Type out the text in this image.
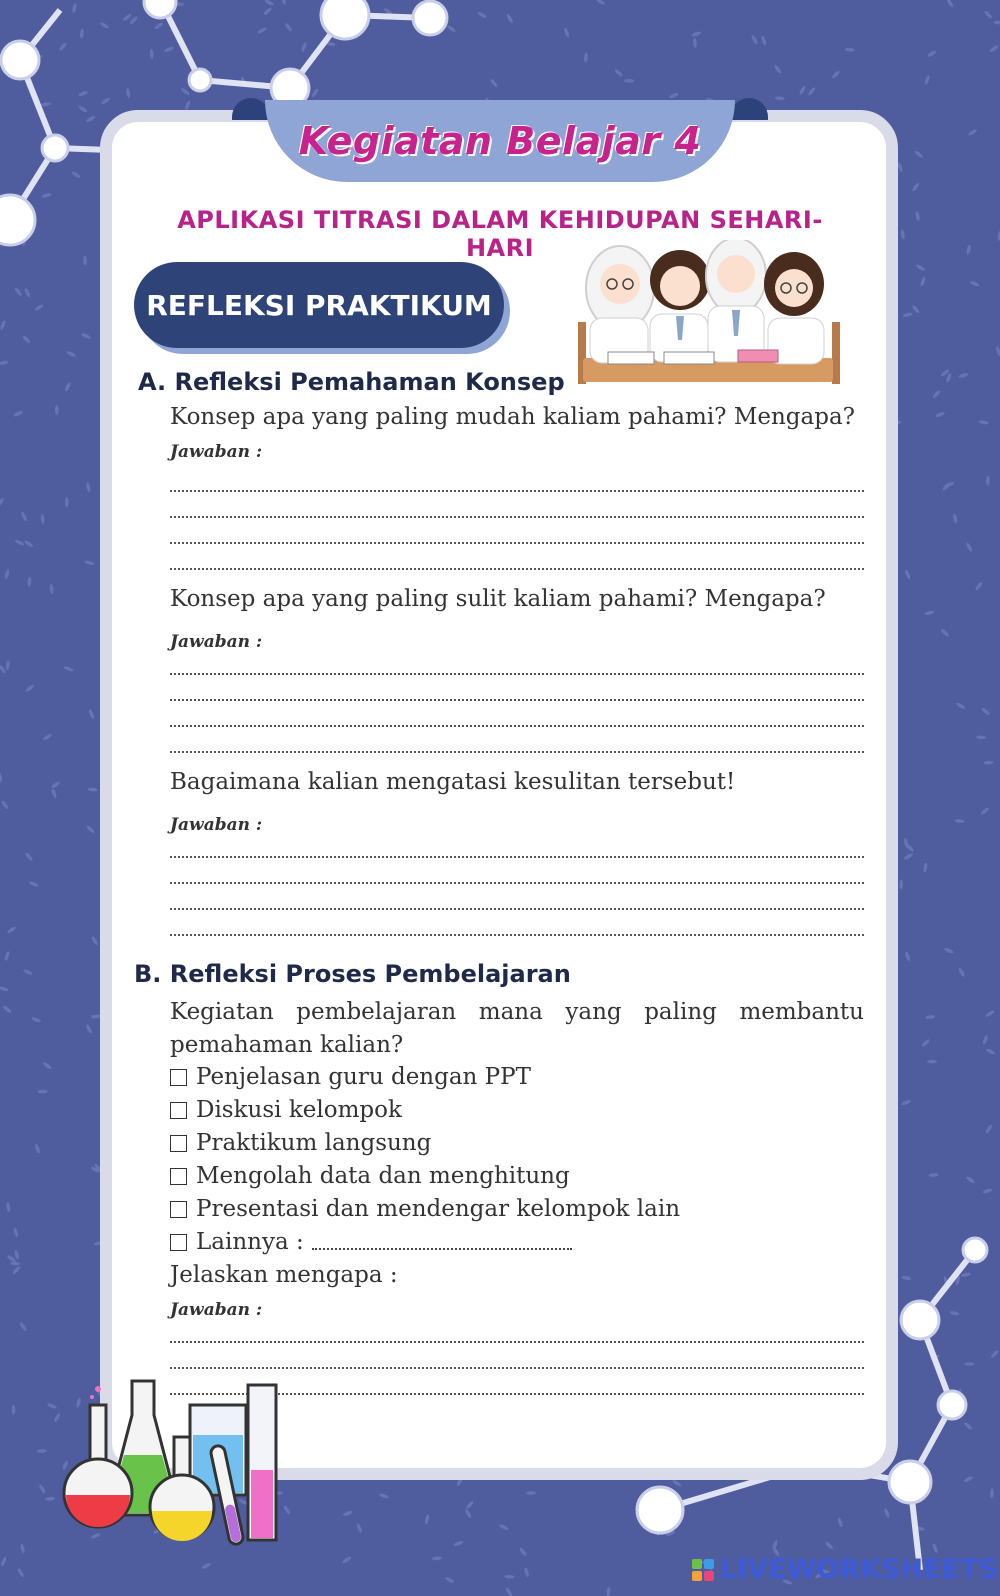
Kegiatan Belajar 4
APLIKASI TITRASI DALAM KEHIDUPAN SEHARI-HARI
REFLEKSI PRAKTIKUM
A. Refleksi Pemahaman Konsep
Konsep apa yang paling mudah kaliam pahami? Mengapa?
Jawaban :
Konsep apa yang paling sulit kaliam pahami? Mengapa?
Jawaban :
Bagaimana kalian mengatasi kesulitan tersebut!
Jawaban :
B. Refleksi Proses Pembelajaran
Kegiatan pembelajaran mana yang paling membantu pemahaman kalian?
Penjelasan guru dengan PPT
Diskusi kelompok
Praktikum langsung
Mengolah data dan menghitung
Presentasi dan mendengar kelompok lain
Lainnya :
Jelaskan mengapa :
Jawaban :
LIVEWORKSHEETS
